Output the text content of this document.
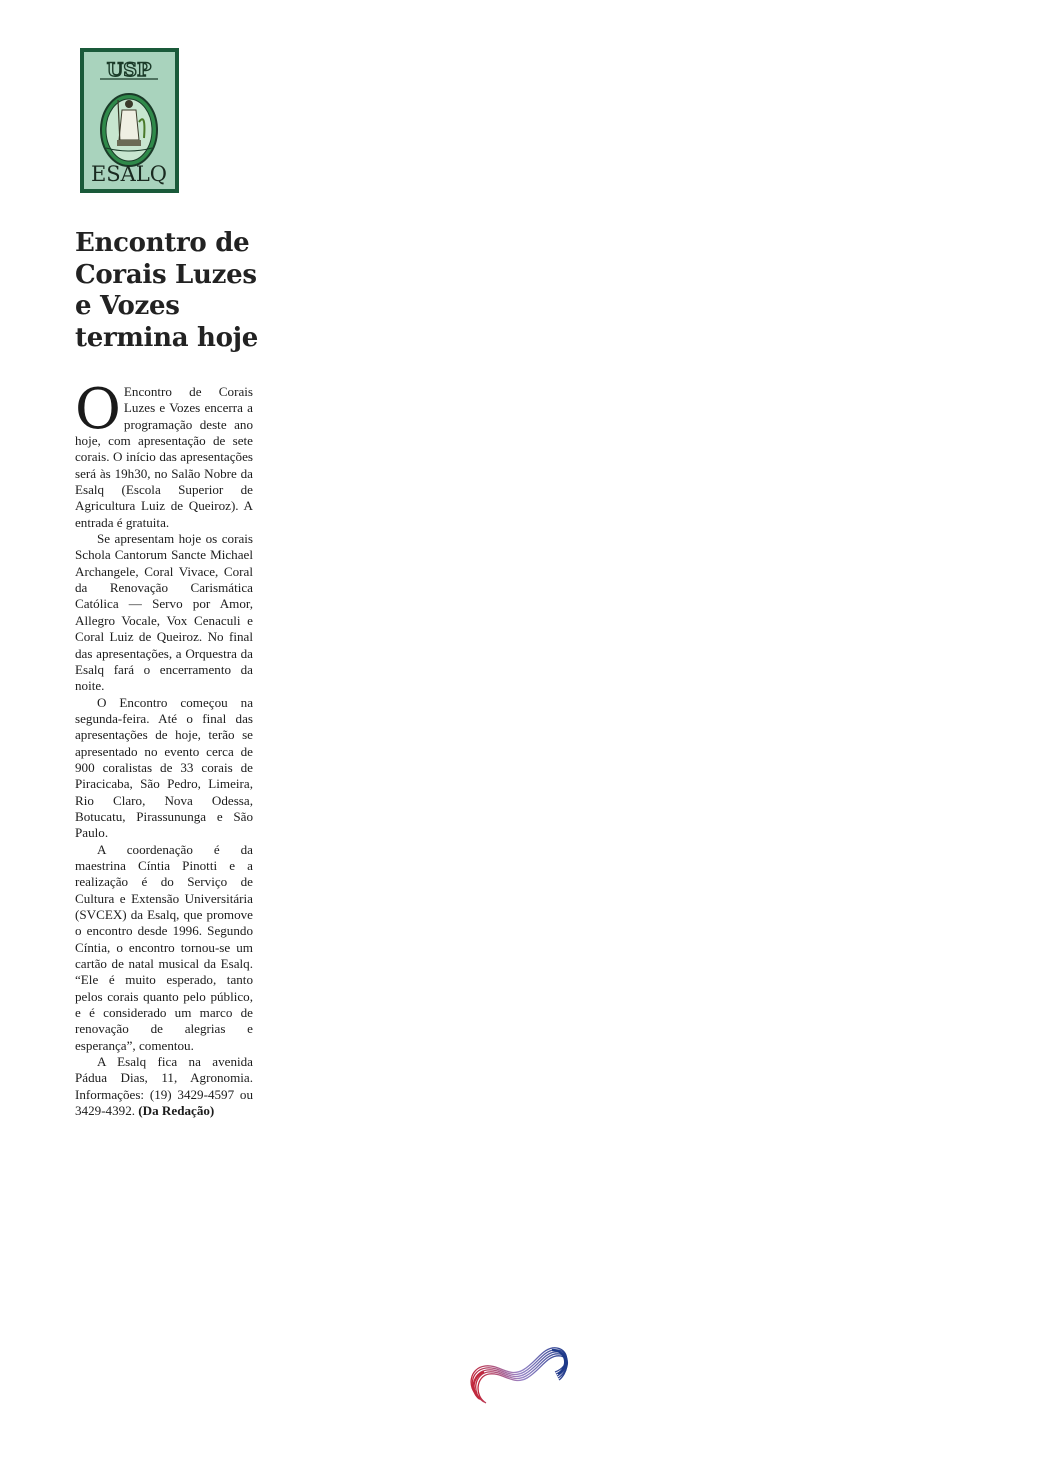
USP
ESALQ
Encontro de Corais Luzes e Vozes termina hoje

O Encontro de Corais Luzes e Vozes encerra a programação deste ano hoje, com apresentação de sete corais. O início das apresentações será às 19h30, no Salão Nobre da Esalq (Escola Superior de Agricultura Luiz de Queiroz). A entrada é gratuita.

Se apresentam hoje os corais Schola Cantorum Sancte Michael Archangele, Coral Vivace, Coral da Renovação Carismática Católica — Servo por Amor, Allegro Vocale, Vox Cenaculi e Coral Luiz de Queiroz. No final das apresentações, a Orquestra da Esalq fará o encerramento da noite.

O Encontro começou na segunda-feira. Até o final das apresentações de hoje, terão se apresentado no evento cerca de 900 coralistas de 33 corais de Piracicaba, São Pedro, Limeira, Rio Claro, Nova Odessa, Botucatu, Pirassununga e São Paulo.

A coordenação é da maestrina Cíntia Pinotti e a realização é do Serviço de Cultura e Extensão Universitária (SVCEX) da Esalq, que promove o encontro desde 1996. Segundo Cíntia, o encontro tornou-se um cartão de natal musical da Esalq. “Ele é muito esperado, tanto pelos corais quanto pelo público, e é considerado um marco de renovação de alegrias e esperança”, comentou.

A Esalq fica na avenida Pádua Dias, 11, Agronomia. Informações: (19) 3429-4597 ou 3429-4392. (Da Redação)
